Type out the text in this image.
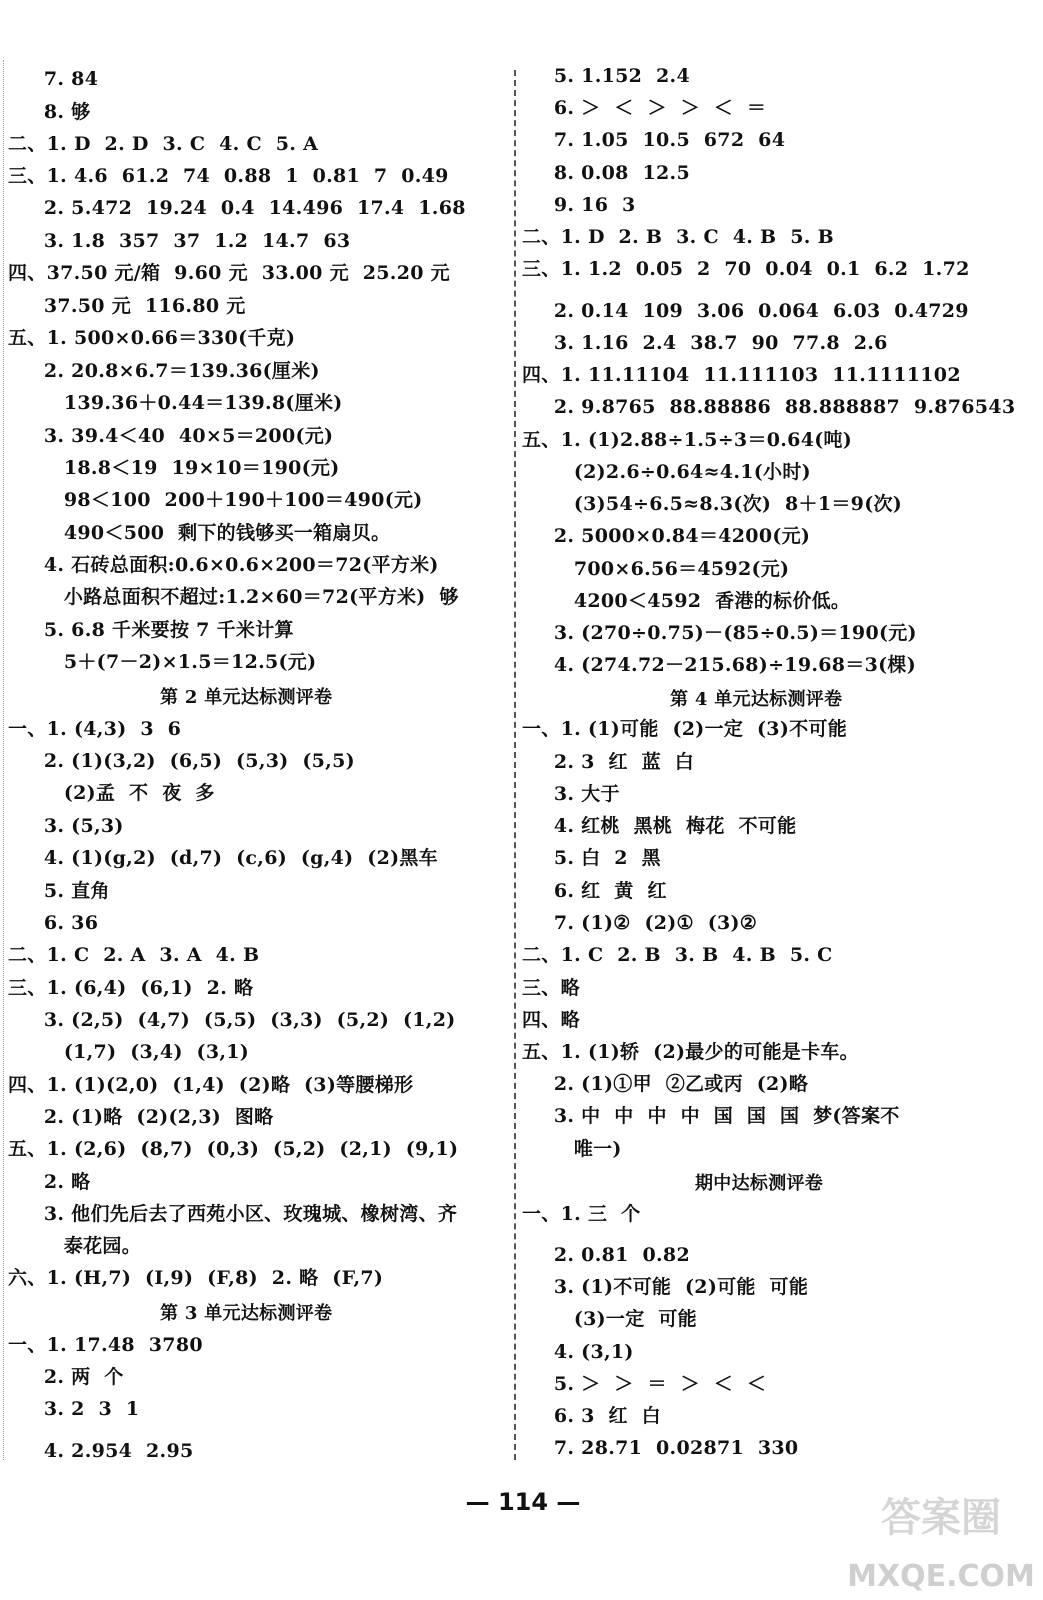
7. 84
8. 够
二、1. D  2. D  3. C  4. C  5. A
三、1. 4.6  61.2  74  0.88  1  0.81  7  0.49
2. 5.472  19.24  0.4  14.496  17.4  1.68
3. 1.8  357  37  1.2  14.7  63
四、37.50 元/箱  9.60 元  33.00 元  25.20 元
37.50 元  116.80 元
五、1. 500×0.66＝330(千克)
2. 20.8×6.7＝139.36(厘米)
139.36＋0.44＝139.8(厘米)
3. 39.4＜40  40×5＝200(元)
18.8＜19  19×10＝190(元)
98＜100  200＋190＋100＝490(元)
490＜500  剩下的钱够买一箱扇贝。
4. 石砖总面积:0.6×0.6×200＝72(平方米)
小路总面积不超过:1.2×60＝72(平方米)  够
5. 6.8 千米要按 7 千米计算
5＋(7－2)×1.5＝12.5(元)
第 2 单元达标测评卷
一、1. (4,3)  3  6
2. (1)(3,2)  (6,5)  (5,3)  (5,5)
(2)孟  不  夜  多
3. (5,3)
4. (1)(g,2)  (d,7)  (c,6)  (g,4)  (2)黑车
5. 直角
6. 36
二、1. C  2. A  3. A  4. B
三、1. (6,4)  (6,1)  2. 略
3. (2,5)  (4,7)  (5,5)  (3,3)  (5,2)  (1,2)
(1,7)  (3,4)  (3,1)
四、1. (1)(2,0)  (1,4)  (2)略  (3)等腰梯形
2. (1)略  (2)(2,3)  图略
五、1. (2,6)  (8,7)  (0,3)  (5,2)  (2,1)  (9,1)
2. 略
3. 他们先后去了西苑小区、玫瑰城、橡树湾、齐
泰花园。
六、1. (H,7)  (I,9)  (F,8)  2. 略  (F,7)
第 3 单元达标测评卷
一、1. 17.48  3780
2. 两  个
3. 2  3  1
4. 2.954  2.95
5. 1.152  2.4
6. ＞  ＜  ＞  ＞  ＜  ＝
7. 1.05  10.5  672  64
8. 0.08  12.5
9. 16  3
二、1. D  2. B  3. C  4. B  5. B
三、1. 1.2  0.05  2  70  0.04  0.1  6.2  1.72
2. 0.14  109  3.06  0.064  6.03  0.4729
3. 1.16  2.4  38.7  90  77.8  2.6
四、1. 11.11104  11.111103  11.1111102
2. 9.8765  88.88886  88.888887  9.876543
五、1. (1)2.88÷1.5÷3＝0.64(吨)
(2)2.6÷0.64≈4.1(小时)
(3)54÷6.5≈8.3(次)  8＋1＝9(次)
2. 5000×0.84＝4200(元)
700×6.56＝4592(元)
4200＜4592  香港的标价低。
3. (270÷0.75)－(85÷0.5)＝190(元)
4. (274.72－215.68)÷19.68＝3(棵)
第 4 单元达标测评卷
一、1. (1)可能  (2)一定  (3)不可能
2. 3  红  蓝  白
3. 大于
4. 红桃  黑桃  梅花  不可能
5. 白  2  黑
6. 红  黄  红
7. (1)②  (2)①  (3)②
二、1. C  2. B  3. B  4. B  5. C
三、略
四、略
五、1. (1)轿  (2)最少的可能是卡车。
2. (1)①甲  ②乙或丙  (2)略
3. 中  中  中  中  国  国  国  梦(答案不
唯一)
期中达标测评卷
一、1. 三  个
2. 0.81  0.82
3. (1)不可能  (2)可能  可能
(3)一定  可能
4. (3,1)
5. ＞  ＞  ＝  ＞  ＜  ＜
6. 3  红  白
7. 28.71  0.02871  330
— 114 —	答案圈
MXQE.COM
